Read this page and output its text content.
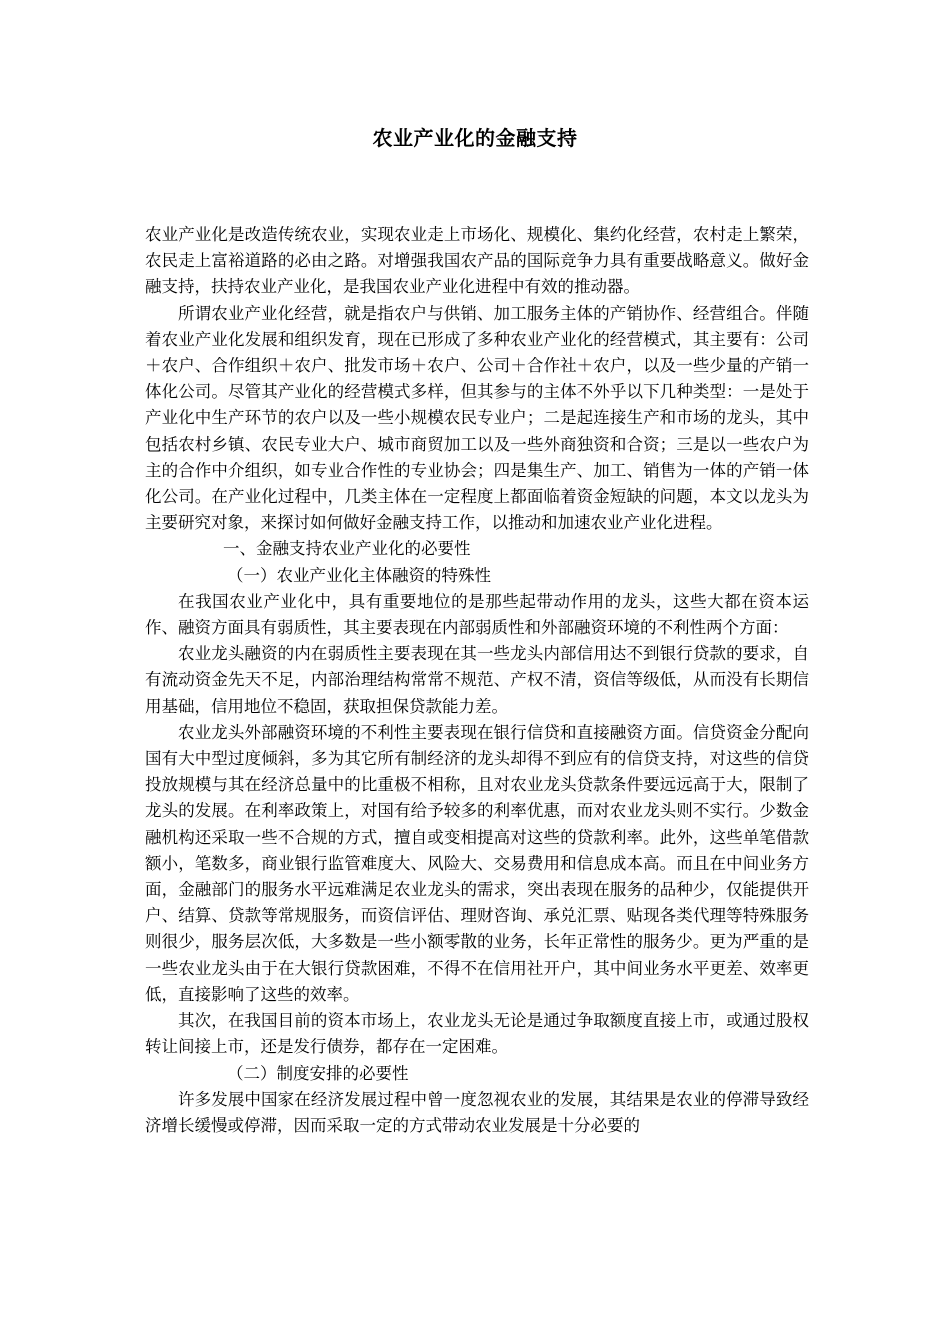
农业产业化的金融支持

农业产业化是改造传统农业，实现农业走上市场化、规模化、集约化经营，农村走上繁荣，农民走上富裕道路的必由之路。对增强我国农产品的国际竞争力具有重要战略意义。做好金融支持，扶持农业产业化，是我国农业产业化进程中有效的推动器。

所谓农业产业化经营，就是指农户与供销、加工服务主体的产销协作、经营组合。伴随着农业产业化发展和组织发育，现在已形成了多种农业产业化的经营模式，其主要有：公司＋农户、合作组织＋农户、批发市场＋农户、公司＋合作社＋农户，以及一些少量的产销一体化公司。尽管其产业化的经营模式多样，但其参与的主体不外乎以下几种类型：一是处于产业化中生产环节的农户以及一些小规模农民专业户；二是起连接生产和市场的龙头，其中包括农村乡镇、农民专业大户、城市商贸加工以及一些外商独资和合资；三是以一些农户为主的合作中介组织，如专业合作性的专业协会；四是集生产、加工、销售为一体的产销一体化公司。在产业化过程中，几类主体在一定程度上都面临着资金短缺的问题，本文以龙头为主要研究对象，来探讨如何做好金融支持工作，以推动和加速农业产业化进程。

一、金融支持农业产业化的必要性

（一）农业产业化主体融资的特殊性

在我国农业产业化中，具有重要地位的是那些起带动作用的龙头，这些大都在资本运作、融资方面具有弱质性，其主要表现在内部弱质性和外部融资环境的不利性两个方面：

农业龙头融资的内在弱质性主要表现在其一些龙头内部信用达不到银行贷款的要求，自有流动资金先天不足，内部治理结构常常不规范、产权不清，资信等级低，从而没有长期信用基础，信用地位不稳固，获取担保贷款能力差。

农业龙头外部融资环境的不利性主要表现在银行信贷和直接融资方面。信贷资金分配向国有大中型过度倾斜，多为其它所有制经济的龙头却得不到应有的信贷支持，对这些的信贷投放规模与其在经济总量中的比重极不相称，且对农业龙头贷款条件要远远高于大，限制了龙头的发展。在利率政策上，对国有给予较多的利率优惠，而对农业龙头则不实行。少数金融机构还采取一些不合规的方式，擅自或变相提高对这些的贷款利率。此外，这些单笔借款额小，笔数多，商业银行监管难度大、风险大、交易费用和信息成本高。而且在中间业务方面，金融部门的服务水平远难满足农业龙头的需求，突出表现在服务的品种少，仅能提供开户、结算、贷款等常规服务，而资信评估、理财咨询、承兑汇票、贴现各类代理等特殊服务则很少，服务层次低，大多数是一些小额零散的业务，长年正常性的服务少。更为严重的是一些农业龙头由于在大银行贷款困难，不得不在信用社开户，其中间业务水平更差、效率更低，直接影响了这些的效率。

其次，在我国目前的资本市场上，农业龙头无论是通过争取额度直接上市，或通过股权转让间接上市，还是发行债券，都存在一定困难。

（二）制度安排的必要性

许多发展中国家在经济发展过程中曾一度忽视农业的发展，其结果是农业的停滞导致经济增长缓慢或停滞，因而采取一定的方式带动农业发展是十分必要的
